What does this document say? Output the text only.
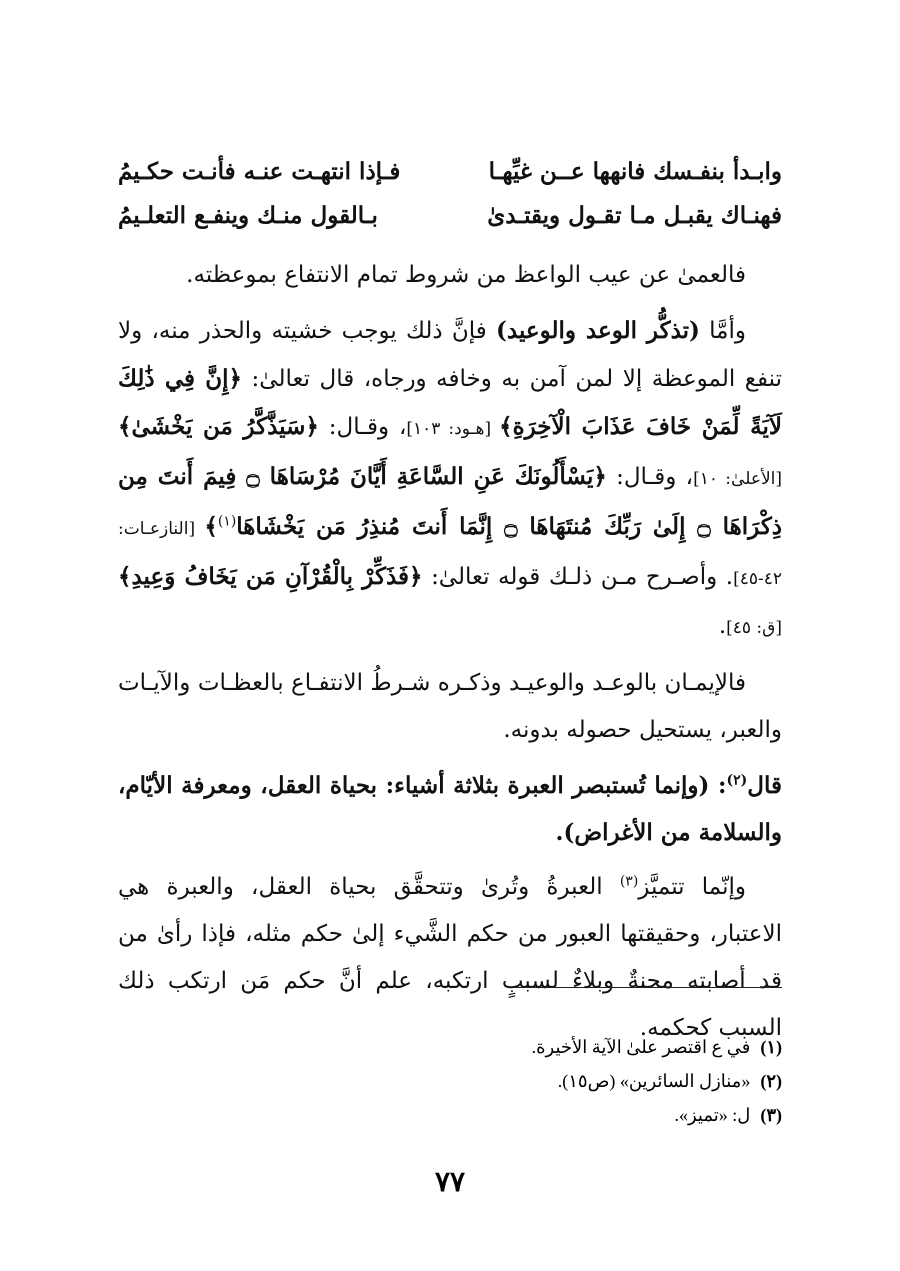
وابـدأ بنفـسك فانهها عــن غيِّهـا
فـإذا انتهـت عنـه فأنـت حكـيمُ
فهنـاك يقبـل مـا تقـول ويقتـدىٰ
بـالقول منـك وينفـع التعلـيمُ

فالعمىٰ عن عيب الواعظ من شروط تمام الانتفاع بموعظته.

وأمَّا (تذكُّر الوعد والوعيد) فإنَّ ذلك يوجب خشيته والحذر منه، ولا تنفع الموعظة إلا لمن آمن به وخافه ورجاه، قال تعالىٰ: ﴿إِنَّ فِي ذَٰلِكَ لَآيَةً لِّمَنْ خَافَ عَذَابَ الْآخِرَةِ﴾ [هـود: ١٠٣]، وقـال: ﴿سَيَذَّكَّرُ مَن يَخْشَىٰ﴾ [الأعلىٰ: ١٠]، وقـال: ﴿يَسْأَلُونَكَ عَنِ السَّاعَةِ أَيَّانَ مُرْسَاهَا ۝ فِيمَ أَنتَ مِن ذِكْرَاهَا ۝ إِلَىٰ رَبِّكَ مُنتَهَاهَا ۝ إِنَّمَا أَنتَ مُنذِرُ مَن يَخْشَاهَا$^{(١)}$﴾ [النازعـات: ٤٢-٤٥]. وأصـرح مـن ذلـك قوله تعالىٰ: ﴿فَذَكِّرْ بِالْقُرْآنِ مَن يَخَافُ وَعِيدِ﴾ [ق: ٤٥].

فالإيمـان بالوعـد والوعيـد وذكـره شـرطُ الانتفـاع بالعظـات والآيـات والعبر، يستحيل حصوله بدونه.

قال$^{(٢)}$: (وإنما تُستبصر العبرة بثلاثة أشياء: بحياة العقل، ومعرفة الأيّام، والسلامة من الأغراض).

وإنّما تتميَّز$^{(٣)}$ العبرةُ وتُرىٰ وتتحقَّق بحياة العقل، والعبرة هي الاعتبار، وحقيقتها العبور من حكم الشَّيء إلىٰ حكم مثله، فإذا رأىٰ من قد أصابته محنةٌ وبلاءٌ لسببٍ ارتكبه، علم أنَّ حكم مَن ارتكب ذلك السبب كحكمه.

(١)في ع اقتصر علىٰ الآية الأخيرة.
(٢)«منازل السائرين» (ص١٥).
(٣)ل: «تميز».
٧٧
